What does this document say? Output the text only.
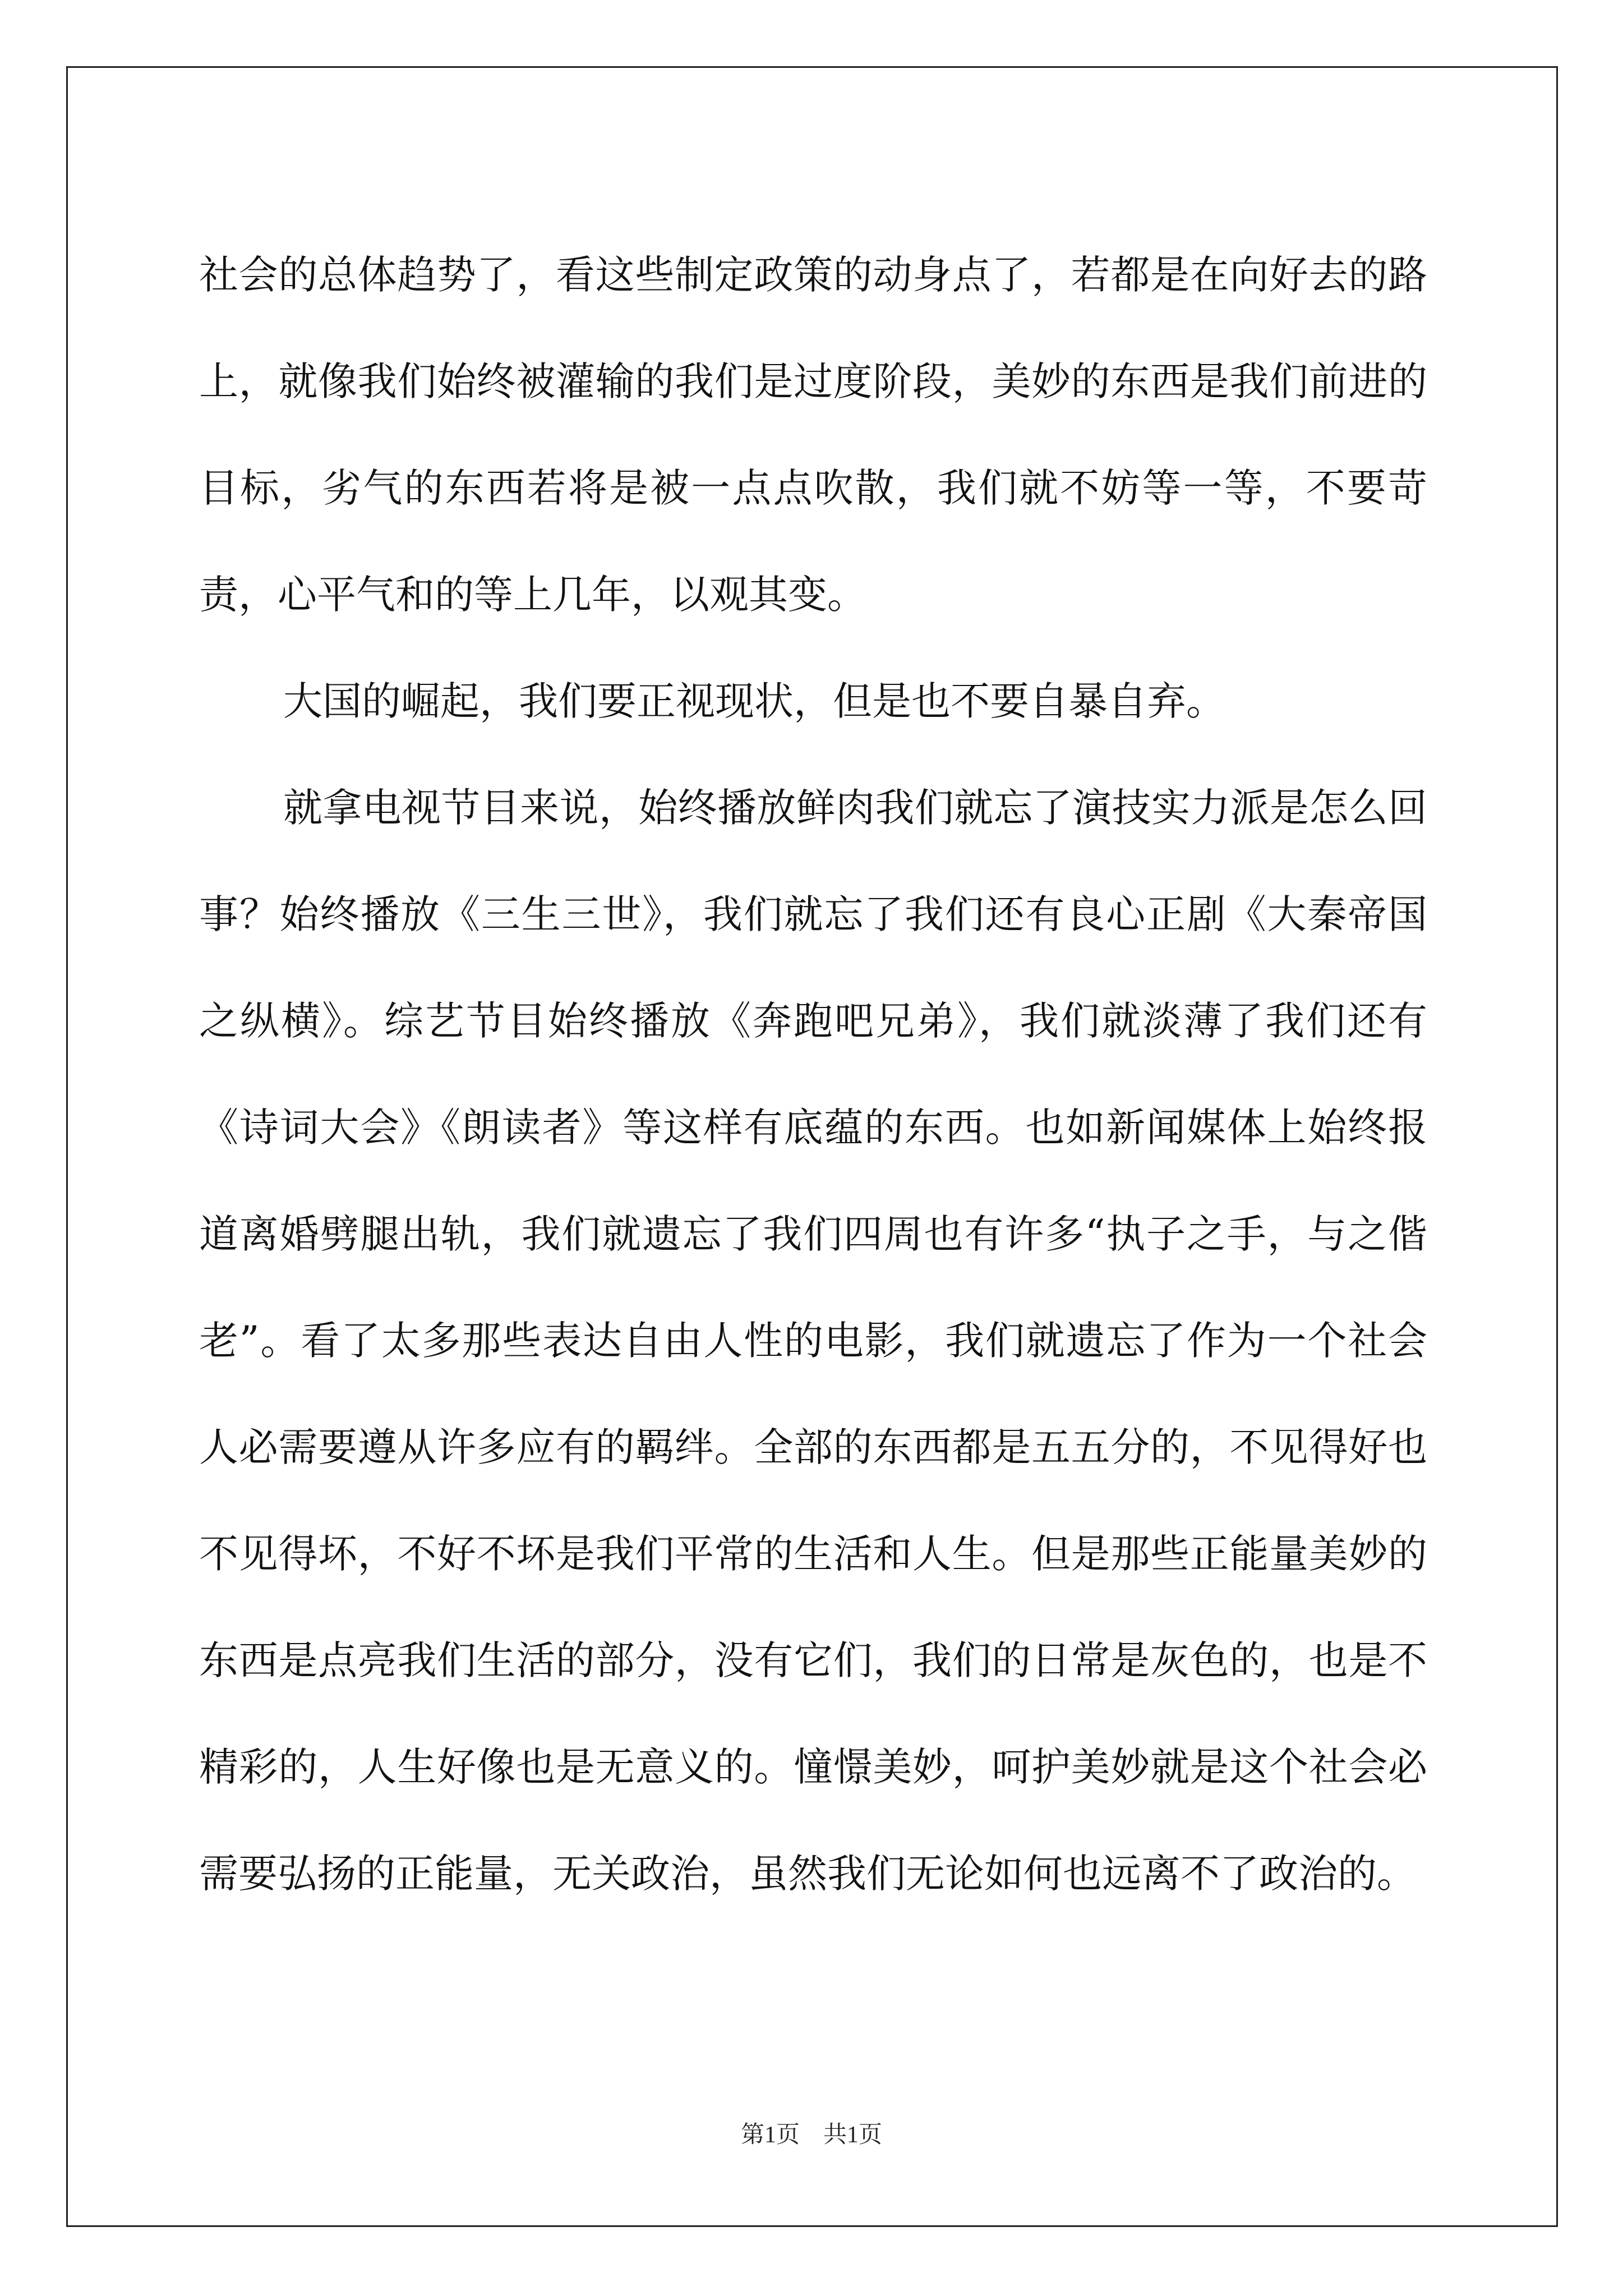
社会的总体趋势了，看这些制定政策的动身点了，若都是在向好去的路上，就像我们始终被灌输的我们是过度阶段，美妙的东西是我们前进的目标，劣气的东西若将是被一点点吹散，我们就不妨等一等，不要苛责，心平气和的等上几年，以观其变。

大国的崛起，我们要正视现状，但是也不要自暴自弃。

就拿电视节目来说，始终播放鲜肉我们就忘了演技实力派是怎么回事？始终播放《三生三世》，我们就忘了我们还有良心正剧《大秦帝国之纵横》。综艺节目始终播放《奔跑吧兄弟》，我们就淡薄了我们还有《诗词大会》《朗读者》等这样有底蕴的东西。也如新闻媒体上始终报道离婚劈腿出轨，我们就遗忘了我们四周也有许多“执子之手，与之偕老”。看了太多那些表达自由人性的电影，我们就遗忘了作为一个社会人必需要遵从许多应有的羁绊。全部的东西都是五五分的，不见得好也不见得坏，不好不坏是我们平常的生活和人生。但是那些正能量美妙的东西是点亮我们生活的部分，没有它们，我们的日常是灰色的，也是不精彩的，人生好像也是无意义的。憧憬美妙，呵护美妙就是这个社会必需要弘扬的正能量，无关政治，虽然我们无论如何也远离不了政治的。

第1页　共1页
